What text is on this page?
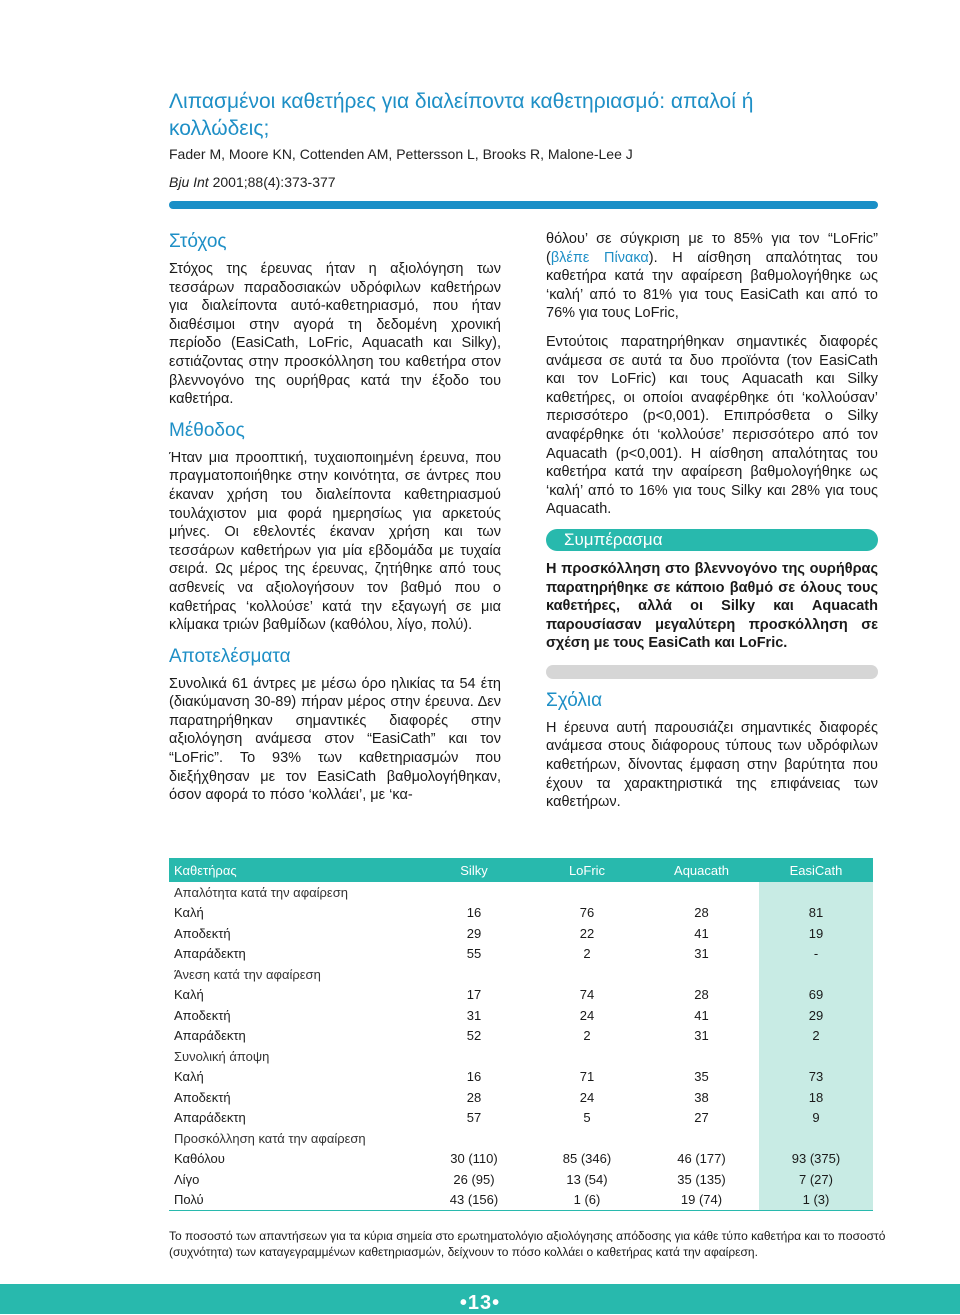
Λιπασμένοι καθετήρες για διαλείποντα καθετηριασμό: απαλοί ή κολλώδεις;
Fader M, Moore KN, Cottenden AM, Pettersson L, Brooks R, Malone-Lee J
Bju Int 2001;88(4):373-377
Στόχος
Στόχος της έρευνας ήταν η αξιολόγηση των τεσσάρων παραδοσιακών υδρόφιλων καθετήρων για διαλείποντα αυτό-καθετηριασμό, που ήταν διαθέσιμοι στην αγορά τη δεδομένη χρονική περίοδο (EasiCath, LoFric, Aquacath και Silky), εστιάζοντας στην προσκόλληση του καθετήρα στον βλεννογόνο της ουρήθρας κατά την έξοδο του καθετήρα.
Μέθοδος
Ήταν μια προοπτική, τυχαιοποιημένη έρευνα, που πραγματοποιήθηκε στην κοινότητα, σε άντρες που έκαναν χρήση του διαλείποντα καθετηριασμού τουλάχιστον μια φορά ημερησίως για αρκετούς μήνες. Οι εθελοντές έκαναν χρήση και των τεσσάρων καθετήρων για μία εβδομάδα με τυχαία σειρά. Ως μέρος της έρευνας, ζητήθηκε από τους ασθενείς να αξιολογήσουν τον βαθμό που ο καθετήρας ‘κολλούσε’ κατά την εξαγωγή σε μια κλίμακα τριών βαθμίδων (καθόλου, λίγο, πολύ).
Αποτελέσματα
Συνολικά 61 άντρες με μέσω όρο ηλικίας τα 54 έτη (διακύμανση 30-89) πήραν μέρος στην έρευνα. Δεν παρατηρήθηκαν σημαντικές διαφορές στην αξιολόγηση ανάμεσα στον “EasiCath” και τον “LoFric”. Το 93% των καθετηριασμών που διεξήχθησαν με τον EasiCath βαθμολογήθηκαν, όσον αφορά το πόσο ‘κολλάει’, με ‘κα-
θόλου’ σε σύγκριση με το 85% για τον “LoFric” (βλέπε Πίνακα). Η αίσθηση απαλότητας του καθετήρα κατά την αφαίρεση βαθμολογήθηκε ως ‘καλή’ από το 81% για τους EasiCath και από το 76% για τους LoFric,
Εντούτοις παρατηρήθηκαν σημαντικές διαφορές ανάμεσα σε αυτά τα δυο προϊόντα (τον EasiCath και τον LoFric) και τους Aquacath και Silky καθετήρες, οι οποίοι αναφέρθηκε ότι ‘κολλούσαν’ περισσότερο (p<0,001). Επιπρόσθετα ο Silky αναφέρθηκε ότι ‘κολλούσε’ περισσότερο από τον Aquacath (p<0,001). Η αίσθηση απαλότητας του καθετήρα κατά την αφαίρεση βαθμολογήθηκε ως ‘καλή’ από το 16% για τους Silky και 28% για τους Aquacath.
Συμπέρασμα
Η προσκόλληση στο βλεννογόνο της ουρήθρας παρατηρήθηκε σε κάποιο βαθμό σε όλους τους καθετήρες, αλλά οι Silky και Aquacath παρουσίασαν μεγαλύτερη προσκόλληση σε σχέση με τους EasiCath και LoFric.
Σχόλια
Η έρευνα αυτή παρουσιάζει σημαντικές διαφορές ανάμεσα στους διάφορους τύπους των υδρόφιλων καθετήρων, δίνοντας έμφαση στην βαρύτητα που έχουν τα χαρακτηριστικά της επιφάνειας των καθετήρων.
Καθετήρας	Silky	LoFric	Aquacath	EasiCath
Απαλότητα κατά την αφαίρεση				
Καλή	16	76	28	81
Αποδεκτή	29	22	41	19
Απαράδεκτη	55	2	31	-
Άνεση κατά την αφαίρεση				
Καλή	17	74	28	69
Αποδεκτή	31	24	41	29
Απαράδεκτη	52	2	31	2
Συνολική άποψη				
Καλή	16	71	35	73
Αποδεκτή	28	24	38	18
Απαράδεκτη	57	5	27	9
Προσκόλληση κατά την αφαίρεση				
Καθόλου	30 (110)	85 (346)	46 (177)	93 (375)
Λίγο	26 (95)	13 (54)	35 (135)	7 (27)
Πολύ	43 (156)	1 (6)	19 (74)	1 (3)
Το ποσοστό των απαντήσεων για τα κύρια σημεία στο ερωτηματολόγιο αξιολόγησης απόδοσης για κάθε τύπο καθετήρα και το ποσοστό (συχνότητα) των καταγεγραμμένων καθετηριασμών, δείχνουν το πόσο κολλάει ο καθετήρας κατά την αφαίρεση.
•13•
